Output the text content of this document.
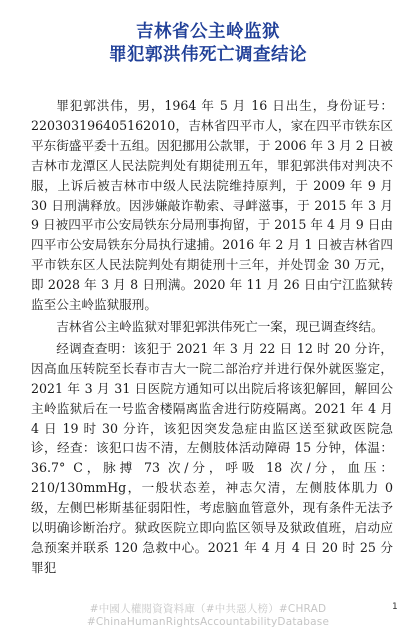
吉林省公主岭监狱
罪犯郭洪伟死亡调查结论

罪犯郭洪伟，男，1964 年 5 月 16 日出生，身份证号：220303196405162010，吉林省四平市人，家在四平市铁东区平东街盛平委十五组。因犯挪用公款罪，于 2006 年 3 月 2 日被吉林市龙潭区人民法院判处有期徒刑五年，罪犯郭洪伟对判决不服，上诉后被吉林市中级人民法院维持原判，于 2009 年 9 月 30 日刑满释放。因涉嫌敲诈勒索、寻衅滋事，于 2015 年 3 月 9 日被四平市公安局铁东分局刑事拘留，于 2015 年 4 月 9 日由四平市公安局铁东分局执行逮捕。2016 年 2 月 1 日被吉林省四平市铁东区人民法院判处有期徒刑十三年，并处罚金 30 万元，即 2028 年 3 月 8 日刑满。2020 年 11 月 26 日由宁江监狱转监至公主岭监狱服刑。

吉林省公主岭监狱对罪犯郭洪伟死亡一案，现已调查终结。

经调查查明：该犯于 2021 年 3 月 22 日 12 时 20 分许，因高血压转院至长春市吉大一院二部治疗并进行保外就医鉴定，2021 年 3 月 31 日医院方通知可以出院后将该犯解回，解回公主岭监狱后在一号监舍楼隔离监舍进行防疫隔离。2021 年 4 月 4 日 19 时 30 分许，该犯因突发急症由监区送至狱政医院急诊，经查：该犯口齿不清，左侧肢体活动障碍 15 分钟，体温：36.7° C，脉搏 73 次/分，呼吸 18 次/分，血压：210/130mmHg，一般状态差，神志欠清，左侧肢体肌力 0 级，左侧巴彬斯基征弱阳性，考虑脑血管意外，现有条件无法予以明确诊断治疗。狱政医院立即向监区领导及狱政值班，启动应急预案并联系 120 急救中心。2021 年 4 月 4 日 20 时 25 分罪犯

#中國人權閱資資料庫（#中共惡人榜）#CHRAD
#ChinaHumanRightsAccountabilityDatabase
1
